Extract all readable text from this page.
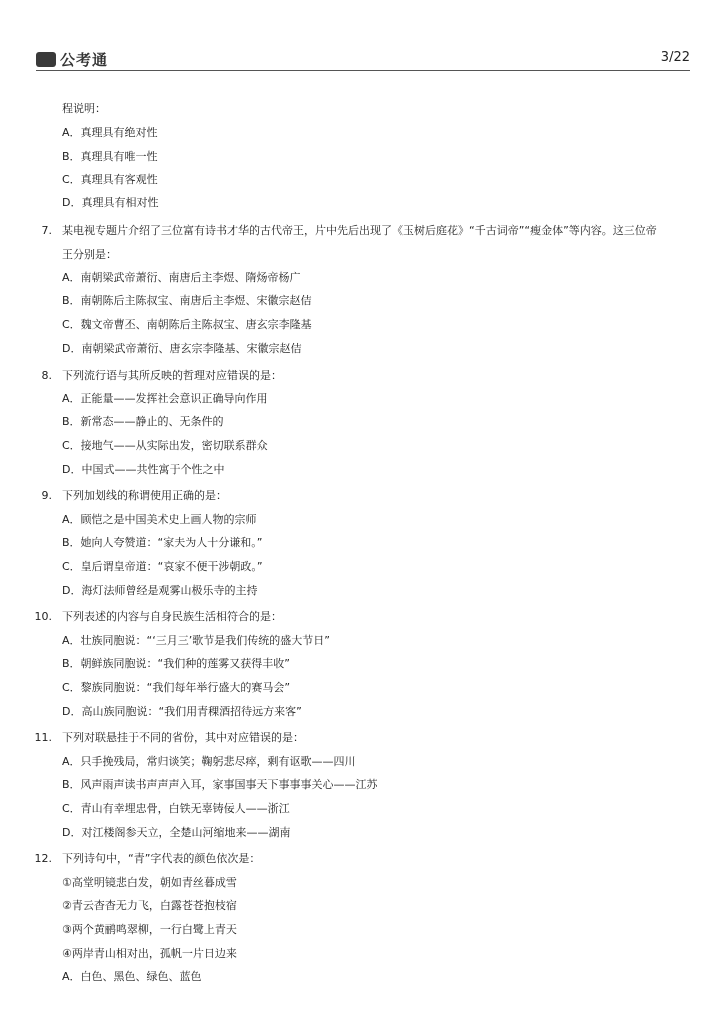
公考通	3/22
程说明：
A．真理具有绝对性
B．真理具有唯一性
C．真理具有客观性
D．真理具有相对性
7. 某电视专题片介绍了三位富有诗书才华的古代帝王，片中先后出现了《玉树后庭花》“千古词帝”“瘦金体”等内容。这三位帝
王分别是：
A．南朝梁武帝萧衍、南唐后主李煜、隋炀帝杨广
B．南朝陈后主陈叔宝、南唐后主李煜、宋徽宗赵佶
C．魏文帝曹丕、南朝陈后主陈叔宝、唐玄宗李隆基
D．南朝梁武帝萧衍、唐玄宗李隆基、宋徽宗赵佶
8. 下列流行语与其所反映的哲理对应错误的是：
A．正能量——发挥社会意识正确导向作用
B．新常态——静止的、无条件的
C．接地气——从实际出发，密切联系群众
D．中国式——共性寓于个性之中
9. 下列加划线的称谓使用正确的是：
A．顾恺之是中国美术史上画人物的宗师
B．她向人夸赞道：“家夫为人十分谦和。”
C．皇后谓皇帝道：“哀家不便干涉朝政。”
D．海灯法师曾经是观雾山极乐寺的主持
10. 下列表述的内容与自身民族生活相符合的是：
A．壮族同胞说：“‘三月三’歌节是我们传统的盛大节日”
B．朝鲜族同胞说：“我们种的莲雾又获得丰收”
C．黎族同胞说：“我们每年举行盛大的赛马会”
D．高山族同胞说：“我们用青稞酒招待远方来客”
11. 下列对联悬挂于不同的省份，其中对应错误的是：
A．只手挽残局，常归谈笑；鞠躬悲尽瘁，剩有讴歌——四川
B．风声雨声读书声声声入耳，家事国事天下事事事关心——江苏
C．青山有幸埋忠骨，白铁无辜铸佞人——浙江
D．对江楼阁参天立，全楚山河缩地来——湖南
12. 下列诗句中，“青”字代表的颜色依次是：
①高堂明镜悲白发，朝如青丝暮成雪
②青云杳杳无力飞，白露苍苍抱枝宿
③两个黄鹂鸣翠柳，一行白鹭上青天
④两岸青山相对出，孤帆一片日边来
A．白色、黑色、绿色、蓝色
